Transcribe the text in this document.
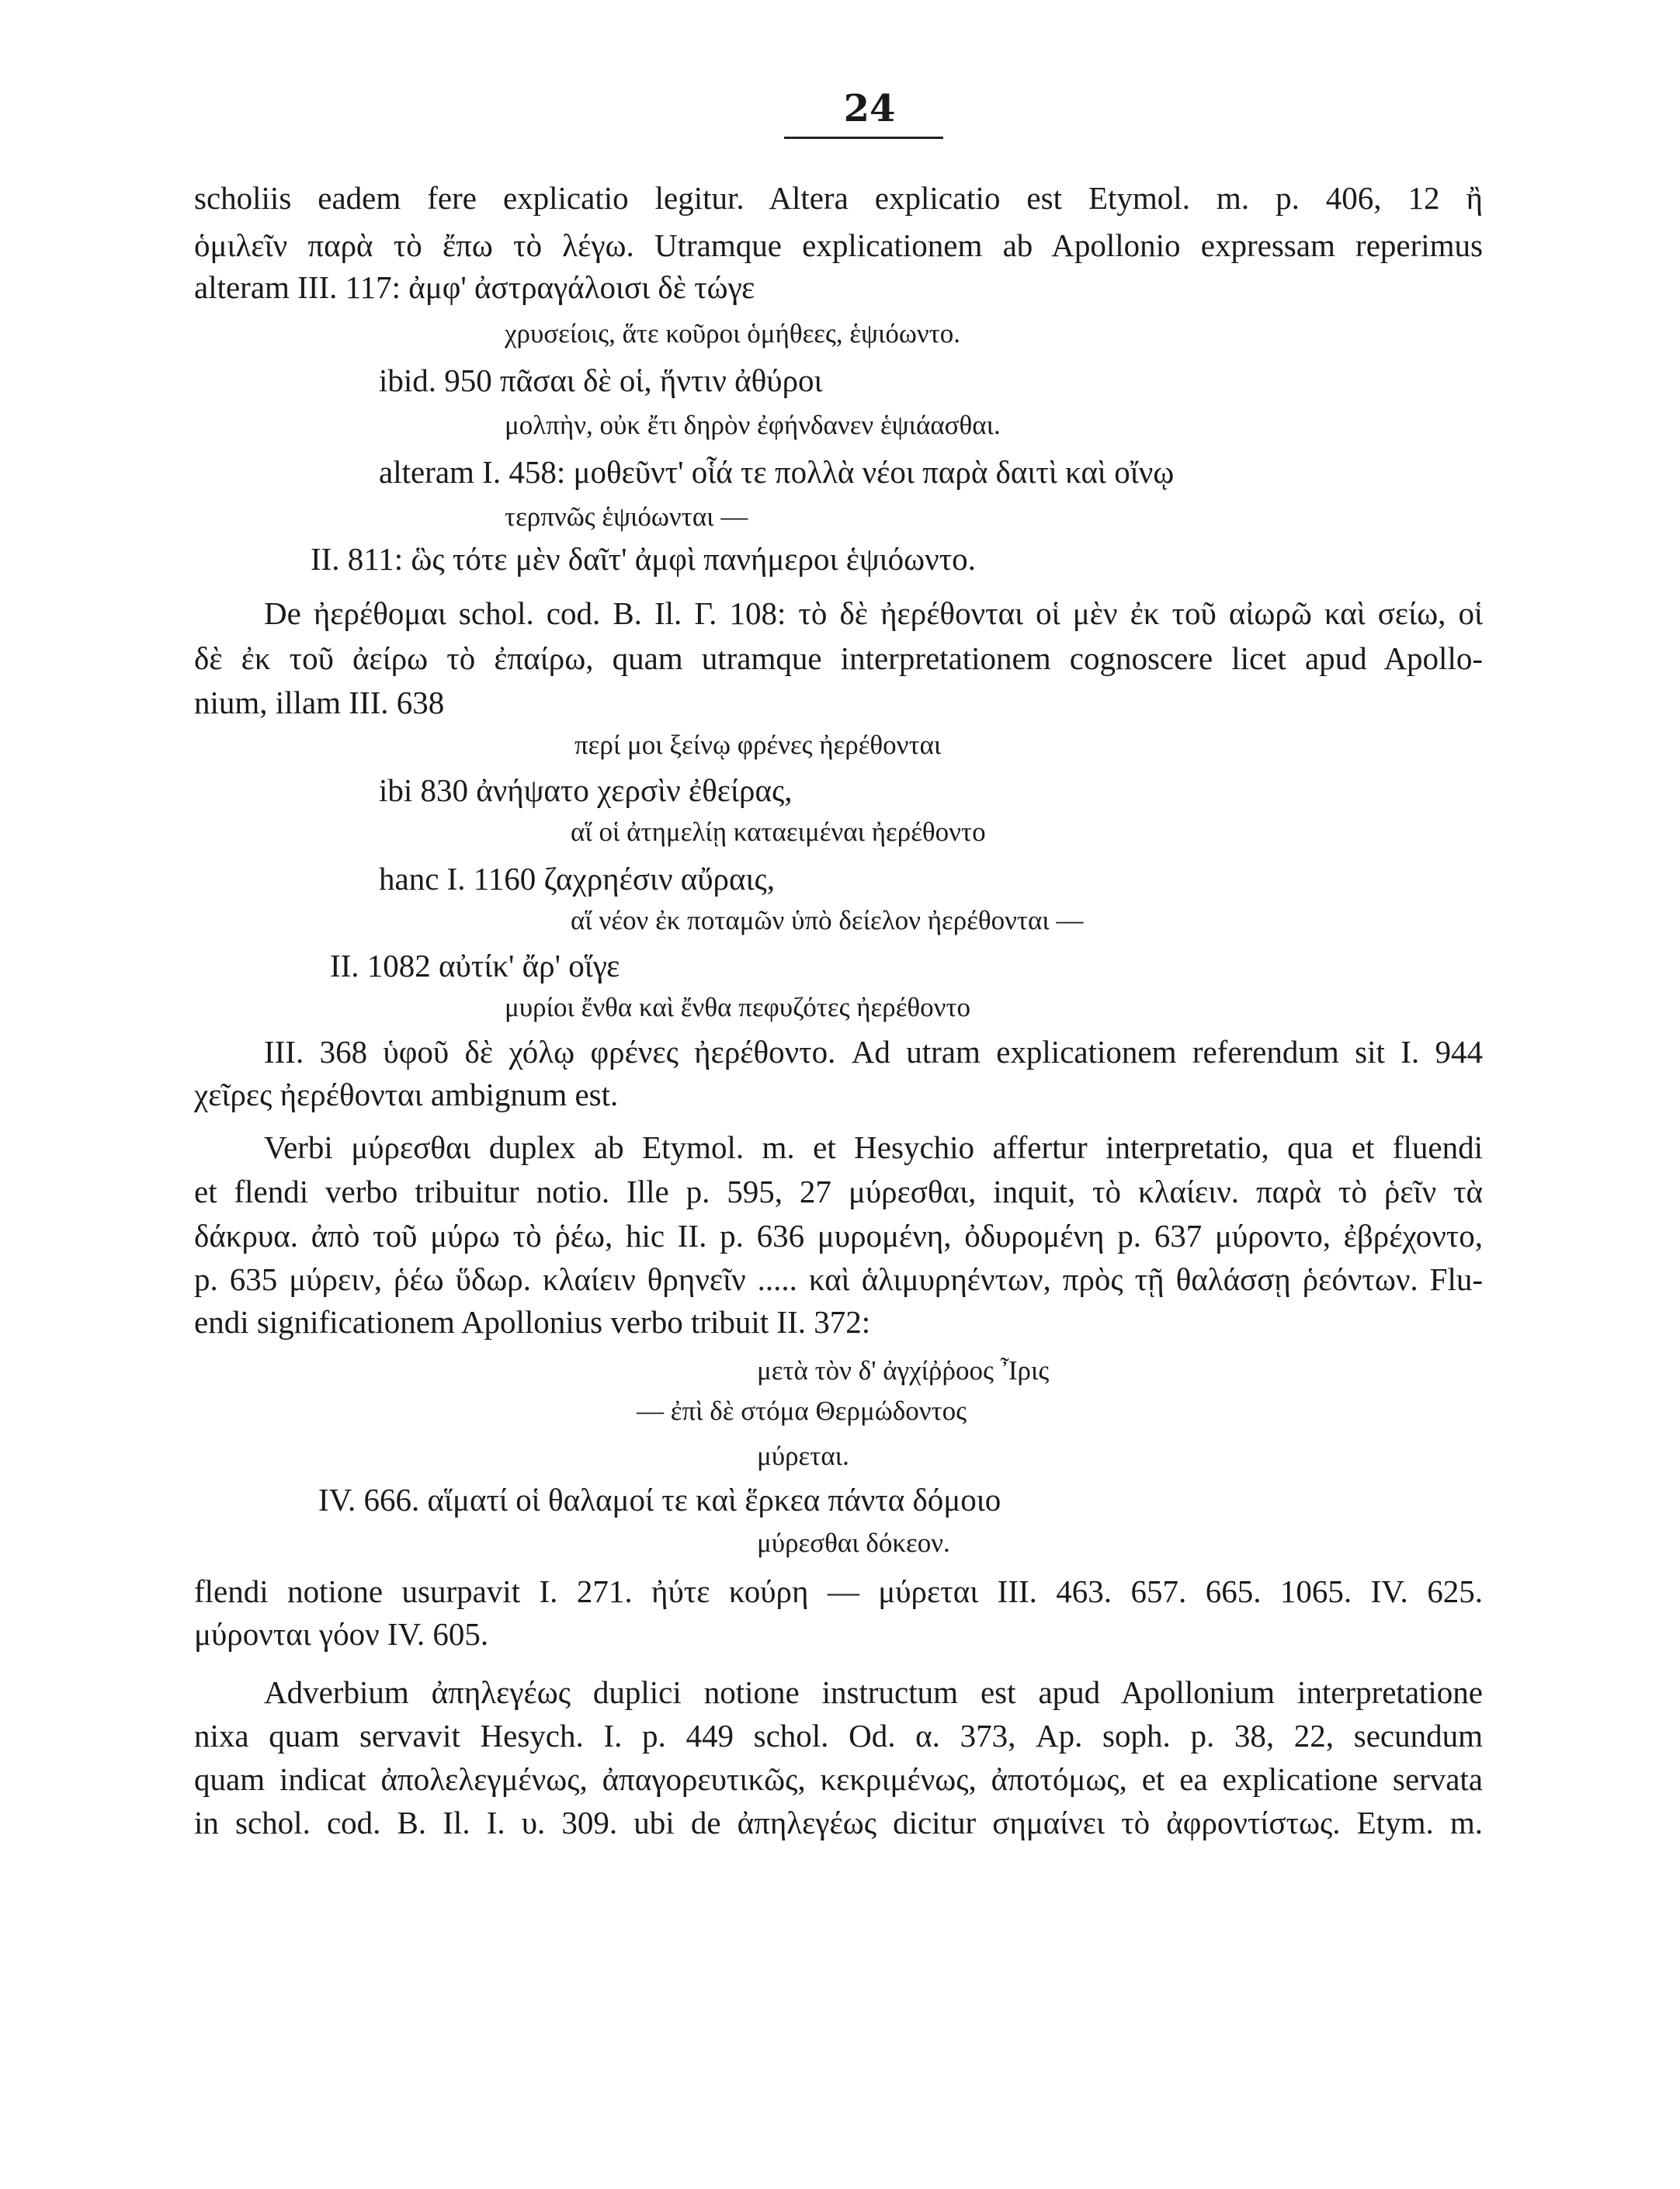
24
scholiis eadem fere explicatio legitur. Altera explicatio est Etymol. m. p. 406, 12 ἢ
ὁμιλεῖν παρὰ τὸ ἔπω τὸ λέγω. Utramque explicationem ab Apollonio expressam reperimus
alteram III. 117: ἀμφ' ἀστραγάλοισι δὲ τώγε
χρυσείοις, ἅτε κοῦροι ὁμήθεες, ἑψιόωντο.
ibid. 950 πᾶσαι δὲ οἱ, ἥντιν ἀθύροι
μολπὴν, οὐκ ἔτι δηρὸν ἐφήνδανεν ἑψιάασθαι.
alteram I. 458: μοθεῦντ' οἷά τε πολλὰ νέοι παρὰ δαιτὶ καὶ οἴνῳ
τερπνῶς ἑψιόωνται —
II. 811: ὣς τότε μὲν δαῖτ' ἀμφὶ πανήμεροι ἑψιόωντο.
De ἠερέθομαι schol. cod. B. Il. Γ. 108: τὸ δὲ ἠερέθονται οἱ μὲν ἐκ τοῦ αἰωρῶ καὶ σείω, οἱ
δὲ ἐκ τοῦ ἀείρω τὸ ἐπαίρω, quam utramque interpretationem cognoscere licet apud Apollo-
nium, illam III. 638
περί μοι ξείνῳ φρένες ἠερέθονται
ibi 830 ἀνήψατο χερσὶν ἐθείρας,
αἵ οἱ ἀτημελίῃ καταειμέναι ἠερέθοντο
hanc I. 1160 ζαχρηέσιν αὔραις,
αἵ νέον ἐκ ποταμῶν ὑπὸ δείελον ἠερέθονται —
II. 1082 αὐτίκ' ἄρ' οἵγε
μυρίοι ἔνθα καὶ ἔνθα πεφυζότες ἠερέθοντο
III. 368 ὑφοῦ δὲ χόλῳ φρένες ἠερέθοντο. Ad utram explicationem referendum sit I. 944
χεῖρες ἠερέθονται ambignum est.
Verbi μύρεσθαι duplex ab Etymol. m. et Hesychio affertur interpretatio, qua et fluendi
et flendi verbo tribuitur notio. Ille p. 595, 27 μύρεσθαι, inquit, τὸ κλαίειν. παρὰ τὸ ῥεῖν τὰ
δάκρυα. ἀπὸ τοῦ μύρω τὸ ῥέω, hic II. p. 636 μυρομένη, ὀδυρομένη p. 637 μύροντο, ἐβρέχοντο,
p. 635 μύρειν, ῥέω ὕδωρ. κλαίειν θρηνεῖν ..... καὶ ἁλιμυρηέντων, πρὸς τῇ θαλάσσῃ ῥεόντων. Flu-
endi significationem Apollonius verbo tribuit II. 372:
μετὰ τὸν δ' ἀγχίῤῥοος Ἶρις
— ἐπὶ δὲ στόμα Θερμώδοντος
μύρεται.
IV. 666. αἵματί οἱ θαλαμοί τε καὶ ἕρκεα πάντα δόμοιο
μύρεσθαι δόκεον.
flendi notione usurpavit I. 271. ἠύτε κούρη — μύρεται III. 463. 657. 665. 1065. IV. 625.
μύρονται γόον IV. 605.
Adverbium ἀπηλεγέως duplici notione instructum est apud Apollonium interpretatione
nixa quam servavit Hesych. I. p. 449 schol. Od. α. 373, Ap. soph. p. 38, 22, secundum
quam indicat ἀπολελεγμένως, ἀπαγορευτικῶς, κεκριμένως, ἀποτόμως, et ea explicatione servata
in schol. cod. B. Il. I. υ. 309. ubi de ἀπηλεγέως dicitur σημαίνει τὸ ἀφροντίστως. Etym. m.
